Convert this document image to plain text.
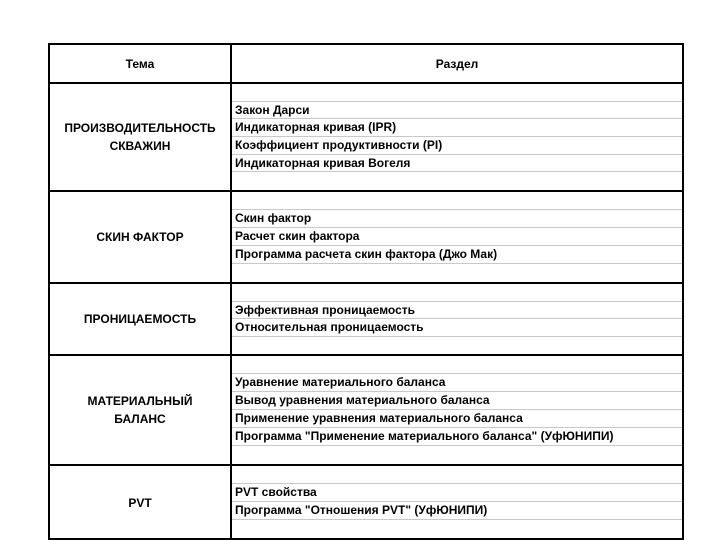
Тема	Раздел
ПРОИЗВОДИТЕЛЬНОСТЬ
СКВАЖИН
Закон Дарси
Индикаторная кривая (IPR)
Коэффициент продуктивности (PI)
Индикаторная кривая Вогеля
СКИН ФАКТОР
Скин фактор
Расчет скин фактора
Программа расчета скин фактора (Джо Мак)
ПРОНИЦАЕМОСТЬ
Эффективная проницаемость
Относительная проницаемость
МАТЕРИАЛЬНЫЙ
БАЛАНС
Уравнение материального баланса
Вывод уравнения материального баланса
Применение уравнения материального баланса
Программа "Применение материального баланса" (УфЮНИПИ)
PVT
PVT свойства
Программа "Отношения PVT" (УфЮНИПИ)
